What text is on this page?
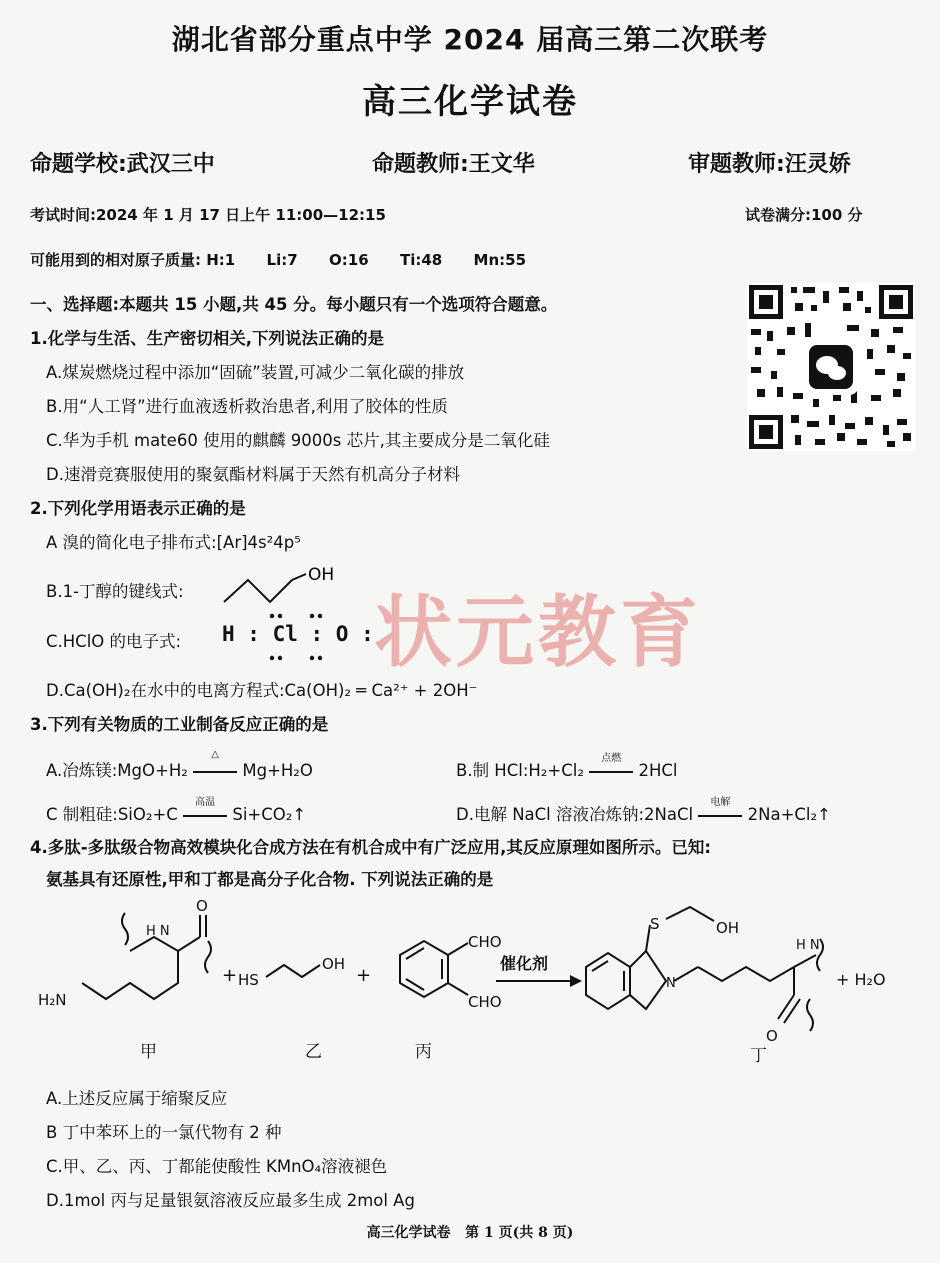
湖北省部分重点中学 2024 届高三第二次联考
高三化学试卷
命题学校:武汉三中	命题教师:王文华	审题教师:汪灵娇
考试时间:2024 年 1 月 17 日上午 11:00—12:15	试卷满分:100 分
可能用到的相对原子质量: H:1      Li:7      O:16      Ti:48      Mn:55
一、选择题:本题共 15 小题,共 45 分。每小题只有一个选项符合题意。
1.化学与生活、生产密切相关,下列说法正确的是
A.煤炭燃烧过程中添加“固硫”装置,可减少二氧化碳的排放
B.用“人工肾”进行血液透析救治患者,利用了胶体的性质
C.华为手机 mate60 使用的麒麟 9000s 芯片,其主要成分是二氧化硅
D.速滑竞赛服使用的聚氨酯材料属于天然有机高分子材料
2.下列化学用语表示正确的是
A 溴的简化电子排布式:[Ar]4s²4p⁵
B.1-丁醇的键线式:
OH
C.HClO 的电子式: H : Cl : O :
D.Ca(OH)₂在水中的电离方程式:Ca(OH)₂ ═ Ca²⁺ + 2OH⁻
状元教育
3.下列有关物质的工业制备反应正确的是
A.冶炼镁:MgO+H₂
△
Mg+H₂O	B.制 HCl:H₂+Cl₂
点燃
2HCl
C 制粗硅:SiO₂+C
高温
Si+CO₂↑	D.电解 NaCl 溶液冶炼钠:2NaCl
电解
2Na+Cl₂↑
4.多肽-多肽级合物高效模块化合成方法在有机合成中有广泛应用,其反应原理如图所示。已知:
氨基具有还原性,甲和丁都是高分子化合物. 下列说法正确的是
H N
O
H₂N
甲
+ HS
OH
乙
+
CHO
CHO
丙
催化剂
S	OH
N
H N
O
丁
+ H₂O
A.上述反应属于缩聚反应
B 丁中苯环上的一氯代物有 2 种
C.甲、乙、丙、丁都能使酸性 KMnO₄溶液褪色
D.1mol 丙与足量银氨溶液反应最多生成 2mol Ag
高三化学试卷   第 1 页(共 8 页)
